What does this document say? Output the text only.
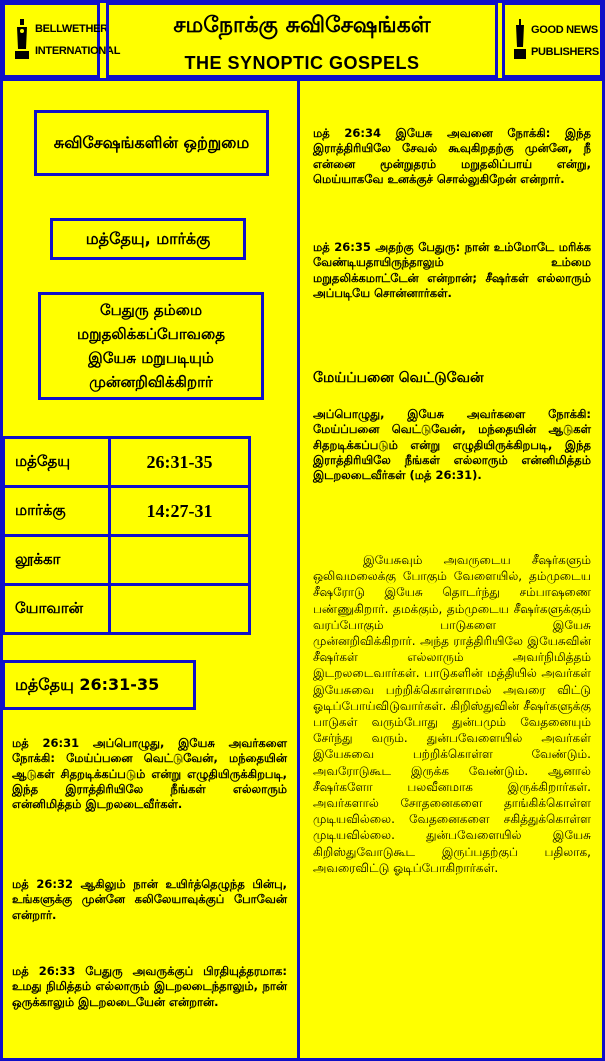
BELLWETHER
INTERNATIONAL
சமநோக்கு சுவிசேஷங்கள்
THE SYNOPTIC GOSPELS
GOOD NEWS
PUBLISHERS
சுவிசேஷங்களின் ஒற்றுமை
மத்தேயு, மார்க்கு
பேதுரு தம்மை மறுதலிக்கப்போவதை இயேசு மறுபடியும் முன்னறிவிக்கிறார்
மத்தேயு	26:31-35
மார்க்கு	14:27-31
லூக்கா	
யோவான்	
மத்தேயு 26:31-35
மத் 26:31 அப்பொழுது, இயேசு அவர்களை நோக்கி: மேய்ப்பனை வெட்டுவேன், மந்தையின் ஆடுகள் சிதறடிக்கப்படும் என்று எழுதியிருக்கிறபடி, இந்த இராத்திரியிலே நீங்கள் எல்லாரும் என்னிமித்தம் இடறலடைவீர்கள்.
மத் 26:32 ஆகிலும் நான் உயிர்த்தெழுந்த பின்பு, உங்களுக்கு முன்னே கலிலேயாவுக்குப் போவேன் என்றார்.
மத் 26:33 பேதுரு அவருக்குப் பிரதியுத்தரமாக: உமது நிமித்தம் எல்லாரும் இடறலடைந்தாலும், நான் ஒருக்காலும் இடறலடையேன் என்றான்.
மத் 26:34 இயேசு அவனை நோக்கி: இந்த இராத்திரியிலே சேவல் கூவுகிறதற்கு முன்னே, நீ என்னை மூன்றுதரம் மறுதலிப்பாய் என்று, மெய்யாகவே உனக்குச் சொல்லுகிறேன் என்றார்.
மத் 26:35 அதற்கு பேதுரு: நான் உம்மோடே மரிக்க வேண்டியதாயிருந்தாலும் உம்மை மறுதலிக்கமாட்டேன் என்றான்; சீஷர்கள் எல்லாரும் அப்படியே சொன்னார்கள்.
மேய்ப்பனை வெட்டுவேன்
அப்பொழுது, இயேசு அவர்களை நோக்கி: மேய்ப்பனை வெட்டுவேன், மந்தையின் ஆடுகள் சிதறடிக்கப்படும் என்று எழுதியிருக்கிறபடி, இந்த இராத்திரியிலே நீங்கள் எல்லாரும் என்னிமித்தம் இடறலடைவீர்கள் (மத் 26:31).
இயேசுவும் அவருடைய சீஷர்களும் ஒலிவமலைக்கு போகும் வேளையில், தம்முடைய சீஷரோடு இயேசு தொடர்ந்து சம்பாஷணை பண்ணுகிறார். தமக்கும், தம்முடைய சீஷர்களுக்கும் வரப்போகும் பாடுகளை இயேசு முன்னறிவிக்கிறார். அந்த ராத்திரியிலே இயேசுவின் சீஷர்கள் எல்லாரும் அவர்நிமித்தம் இடறலடைவார்கள். பாடுகளின் மத்தியில் அவர்கள் இயேசுவை பற்றிக்கொள்ளாமல் அவரை விட்டு ஓடிப்போய்விடுவார்கள். கிறிஸ்துவின் சீஷர்களுக்கு பாடுகள் வரும்போது துன்பமும் வேதனையும் சேர்ந்து வரும். துன்பவேளையில் அவர்கள் இயேசுவை பற்றிக்கொள்ள வேண்டும். அவரோடுகூட இருக்க வேண்டும். ஆனால் சீஷர்களோ பலவீனமாக இருக்கிறார்கள். அவர்களால் சோதனைகளை தாங்கிக்கொள்ள முடியவில்லை. வேதனைகளை சகித்துக்கொள்ள முடியவில்லை. துன்பவேளையில் இயேசு கிறிஸ்துவோடுகூட இருப்பதற்குப் பதிலாக, அவரைவிட்டு ஓடிப்போகிறார்கள்.
